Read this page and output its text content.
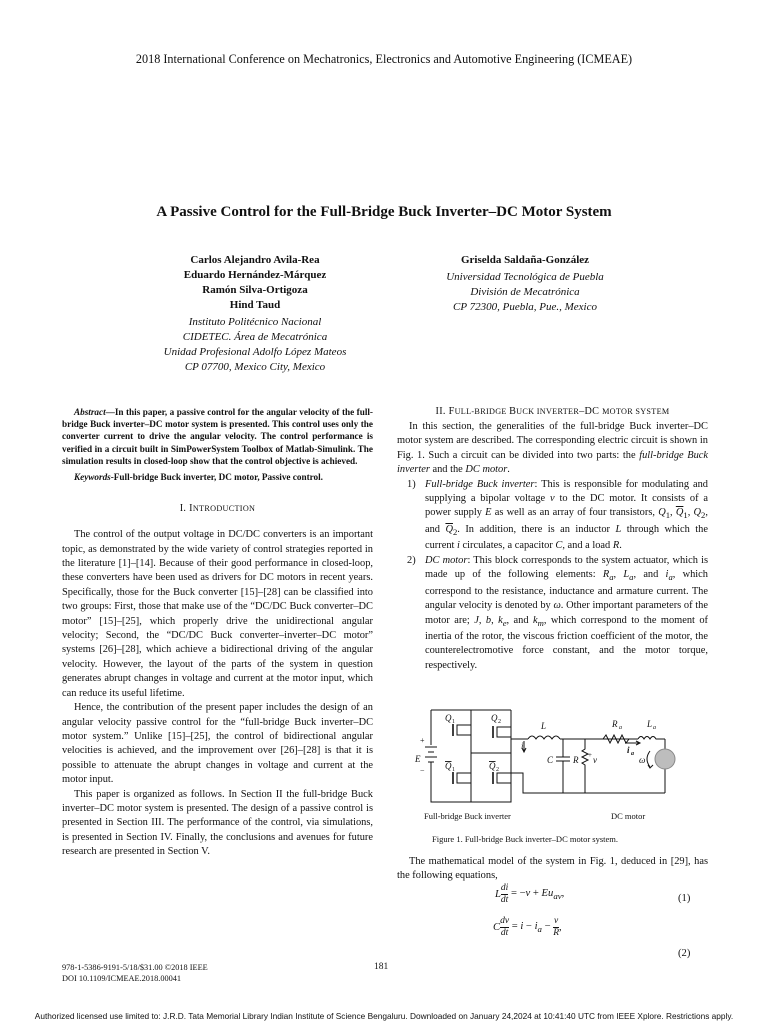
2018 International Conference on Mechatronics, Electronics and Automotive Engineering (ICMEAE)
A Passive Control for the Full-Bridge Buck Inverter–DC Motor System
Carlos Alejandro Avila-Rea
Eduardo Hernández-Márquez
Ramón Silva-Ortigoza
Hind Taud
Instituto Politécnico Nacional
CIDETEC. Área de Mecatrónica
Unidad Profesional Adolfo López Mateos
CP 07700, Mexico City, Mexico
Griselda Saldaña-González
Universidad Tecnológica de Puebla
División de Mecatrónica
CP 72300, Puebla, Pue., Mexico
Abstract—In this paper, a passive control for the angular velocity of the full-bridge Buck inverter–DC motor system is presented. This control uses only the converter current to drive the angular velocity. The control performance is verified in a circuit built in SimPowerSystem Toolbox of Matlab-Simulink. The simulation results in closed-loop show that the control objective is achieved.
Keywords-Full-bridge Buck inverter, DC motor, Passive control.
I. INTRODUCTION

The control of the output voltage in DC/DC converters is an important topic, as demonstrated by the wide variety of control strategies reported in the literature [1]–[14]. Because of their good performance in closed-loop, these converters have been used as drivers for DC motors in recent years. Specifically, those for the Buck converter [15]–[28] can be classified into two groups: First, those that make use of the “DC/DC Buck converter–DC motor” [15]–[25], which properly drive the unidirectional angular velocity; Second, the “DC/DC Buck converter–inverter–DC motor” systems [26]–[28], which achieve a bidirectional driving of the angular velocity. However, the layout of the parts of the system in question generates abrupt changes in voltage and current at the motor input, which can reduce its useful lifetime.

Hence, the contribution of the present paper includes the design of an angular velocity passive control for the “full-bridge Buck inverter–DC motor system.” Unlike [15]–[25], the control of bidirectional angular velocities is achieved, and the improvement over [26]–[28] is that it is possible to attenuate the abrupt changes in voltage and current at the motor input.

This paper is organized as follows. In Section II the full-bridge Buck inverter–DC motor system is presented. The design of a passive control is presented in Section III. The performance of the control, via simulations, is presented in Section IV. Finally, the conclusions and avenues for future research are presented in Section V.

II. FULL-BRIDGE BUCK INVERTER–DC MOTOR SYSTEM

In this section, the generalities of the full-bridge Buck inverter–DC motor system are described. The corresponding electric circuit is shown in Fig. 1. Such a circuit can be divided into two parts: the full-bridge Buck inverter and the DC motor.

1) Full-bridge Buck inverter: This is responsible for modulating and supplying a bipolar voltage v to the DC motor. It consists of a power supply E as well as an array of four transistors, $Q_1$, $\overline{Q}_1$, $Q_2$, and $\overline{Q}_2$. In addition, there is an inductor L through which the current i circulates, a capacitor C, and a load R.
2) DC motor: This block corresponds to the system actuator, which is made up of the following elements: $R_a$, $L_a$, and $i_a$, which correspond to the resistance, inductance and armature current. The angular velocity is denoted by ω. Other important parameters of the motor are; J, b, $k_e$, and $k_m$, which correspond to the moment of inertia of the rotor, the viscous friction coefficient of the motor, the counterelectromotive force constant, and the motor torque, respectively.
E
+
−
Q 1
Q 1
Q 2
Q 2
L
i
C R v
+
R a	L a
i a
ω
Full-bridge Buck inverter	DC motor
Figure 1. Full-bridge Buck inverter–DC motor system.

The mathematical model of the system in Fig. 1, deduced in [29], has the following equations,

L $\frac{di}{dt} = -v + Eu_{av}$,	(1)
C $\frac{dv}{dt} = i - i_a - \frac{v}{R}$ ,
(2)
978-1-5386-9191-5/18/$31.00 ©2018 IEEE
DOI 10.1109/ICMEAE.2018.00041
181
Authorized licensed use limited to: J.R.D. Tata Memorial Library Indian Institute of Science Bengaluru. Downloaded on January 24,2024 at 10:41:40 UTC from IEEE Xplore. Restrictions apply.
